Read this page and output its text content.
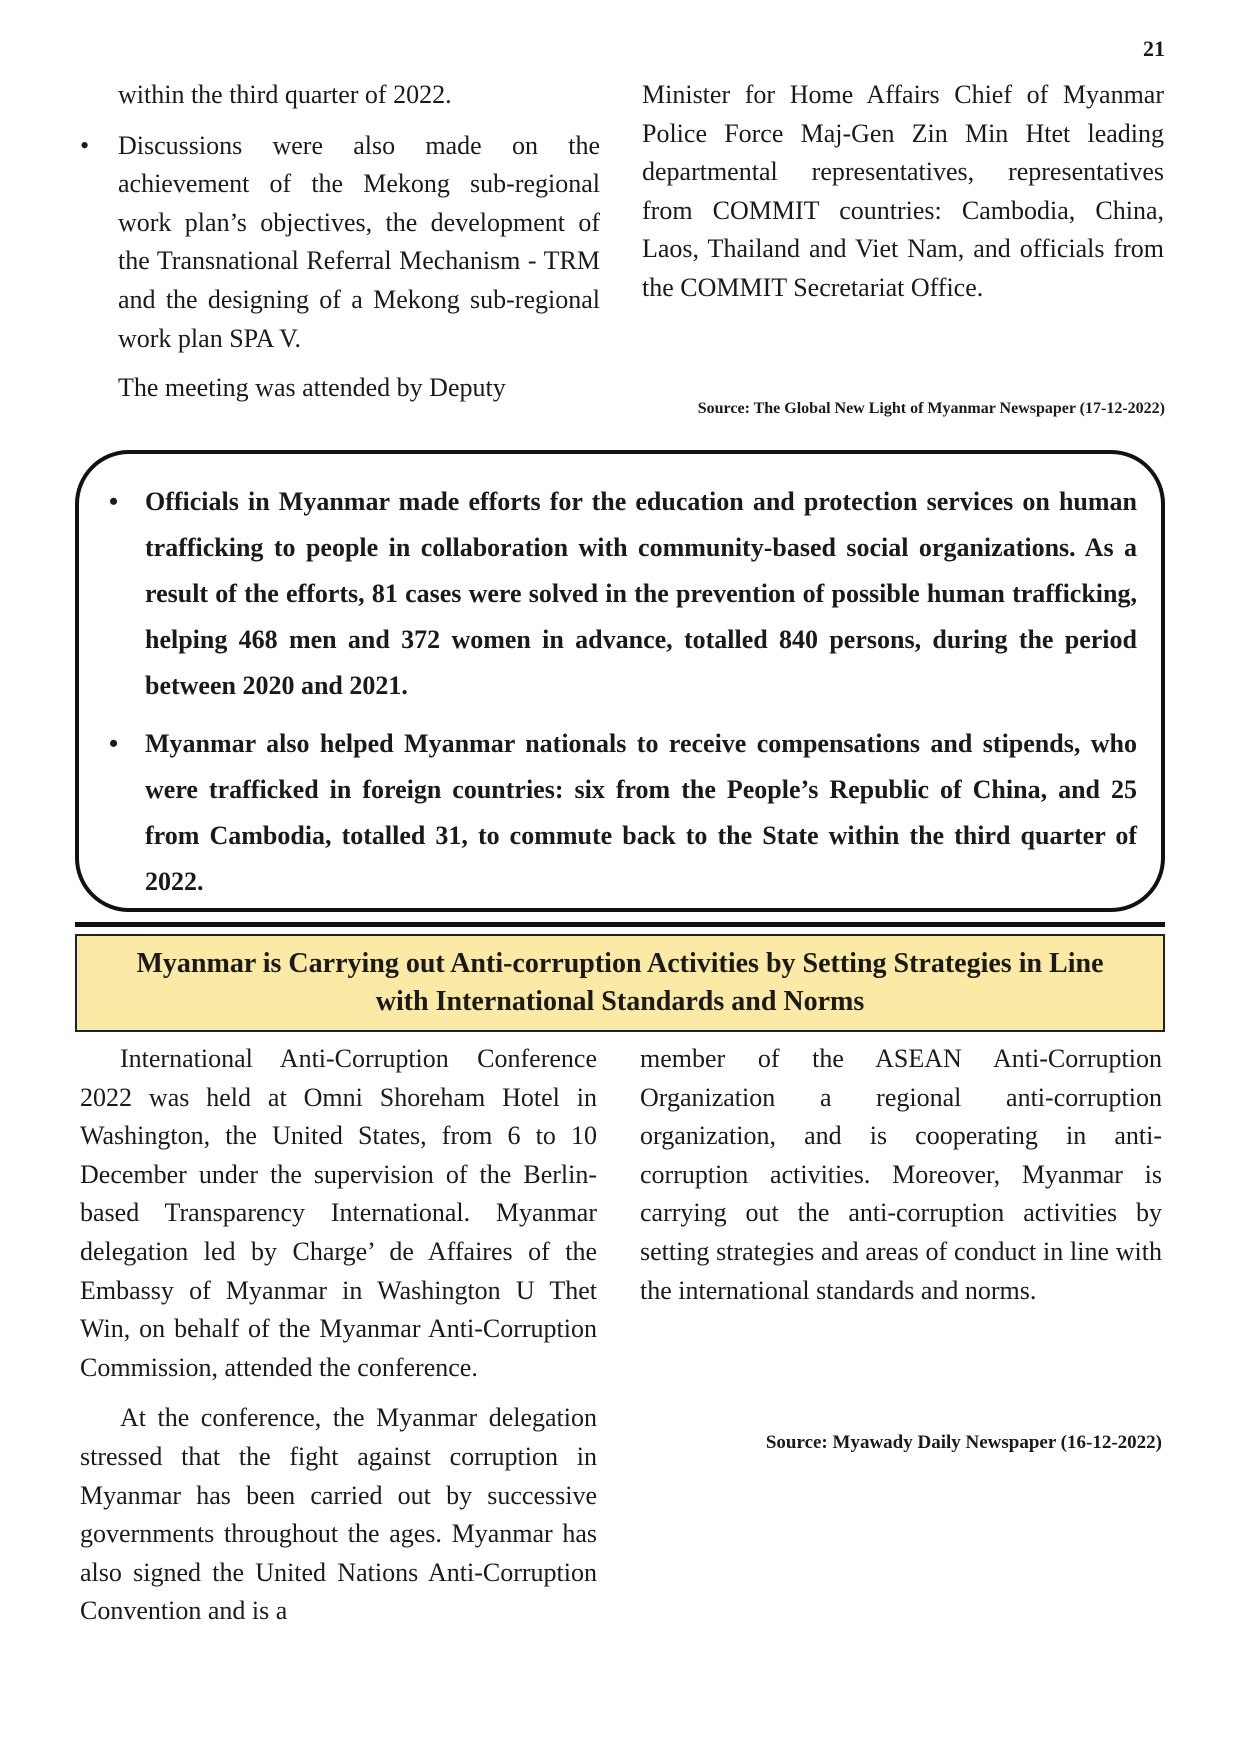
21

within the third quarter of 2022.

• Discussions were also made on the achievement of the Mekong sub-regional work plan’s objectives, the development of the Transnational Referral Mechanism - TRM and the designing of a Mekong sub-regional work plan SPA V.

The meeting was attended by Deputy

Minister for Home Affairs Chief of Myanmar Police Force Maj-Gen Zin Min Htet leading departmental representatives, representatives from COMMIT countries: Cambodia, China, Laos, Thailand and Viet Nam, and officials from the COMMIT Secretariat Office.

Source: The Global New Light of Myanmar Newspaper (17-12-2022)

• Officials in Myanmar made efforts for the education and protection services on human trafficking to people in collaboration with community-based social organizations. As a result of the efforts, 81 cases were solved in the prevention of possible human trafficking, helping 468 men and 372 women in advance, totalled 840 persons, during the period between 2020 and 2021.
• Myanmar also helped Myanmar nationals to receive compensations and stipends, who were trafficked in foreign countries: six from the People’s Republic of China, and 25 from Cambodia, totalled 31, to commute back to the State within the third quarter of 2022.
Myanmar is Carrying out Anti-corruption Activities by Setting Strategies in Line with International Standards and Norms

International Anti-Corruption Conference 2022 was held at Omni Shoreham Hotel in Washington, the United States, from 6 to 10 December under the supervision of the Berlin-based Transparency International. Myanmar delegation led by Charge’ de Affaires of the Embassy of Myanmar in Washington U Thet Win, on behalf of the Myanmar Anti-Corruption Commission, attended the conference.

At the conference, the Myanmar delegation stressed that the fight against corruption in Myanmar has been carried out by successive governments throughout the ages. Myanmar has also signed the United Nations Anti-Corruption Convention and is a

member of the ASEAN Anti-Corruption Organization a regional anti-corruption organization, and is cooperating in anti-corruption activities. Moreover, Myanmar is carrying out the anti-corruption activities by setting strategies and areas of conduct in line with the international standards and norms.

Source: Myawady Daily Newspaper (16-12-2022)
